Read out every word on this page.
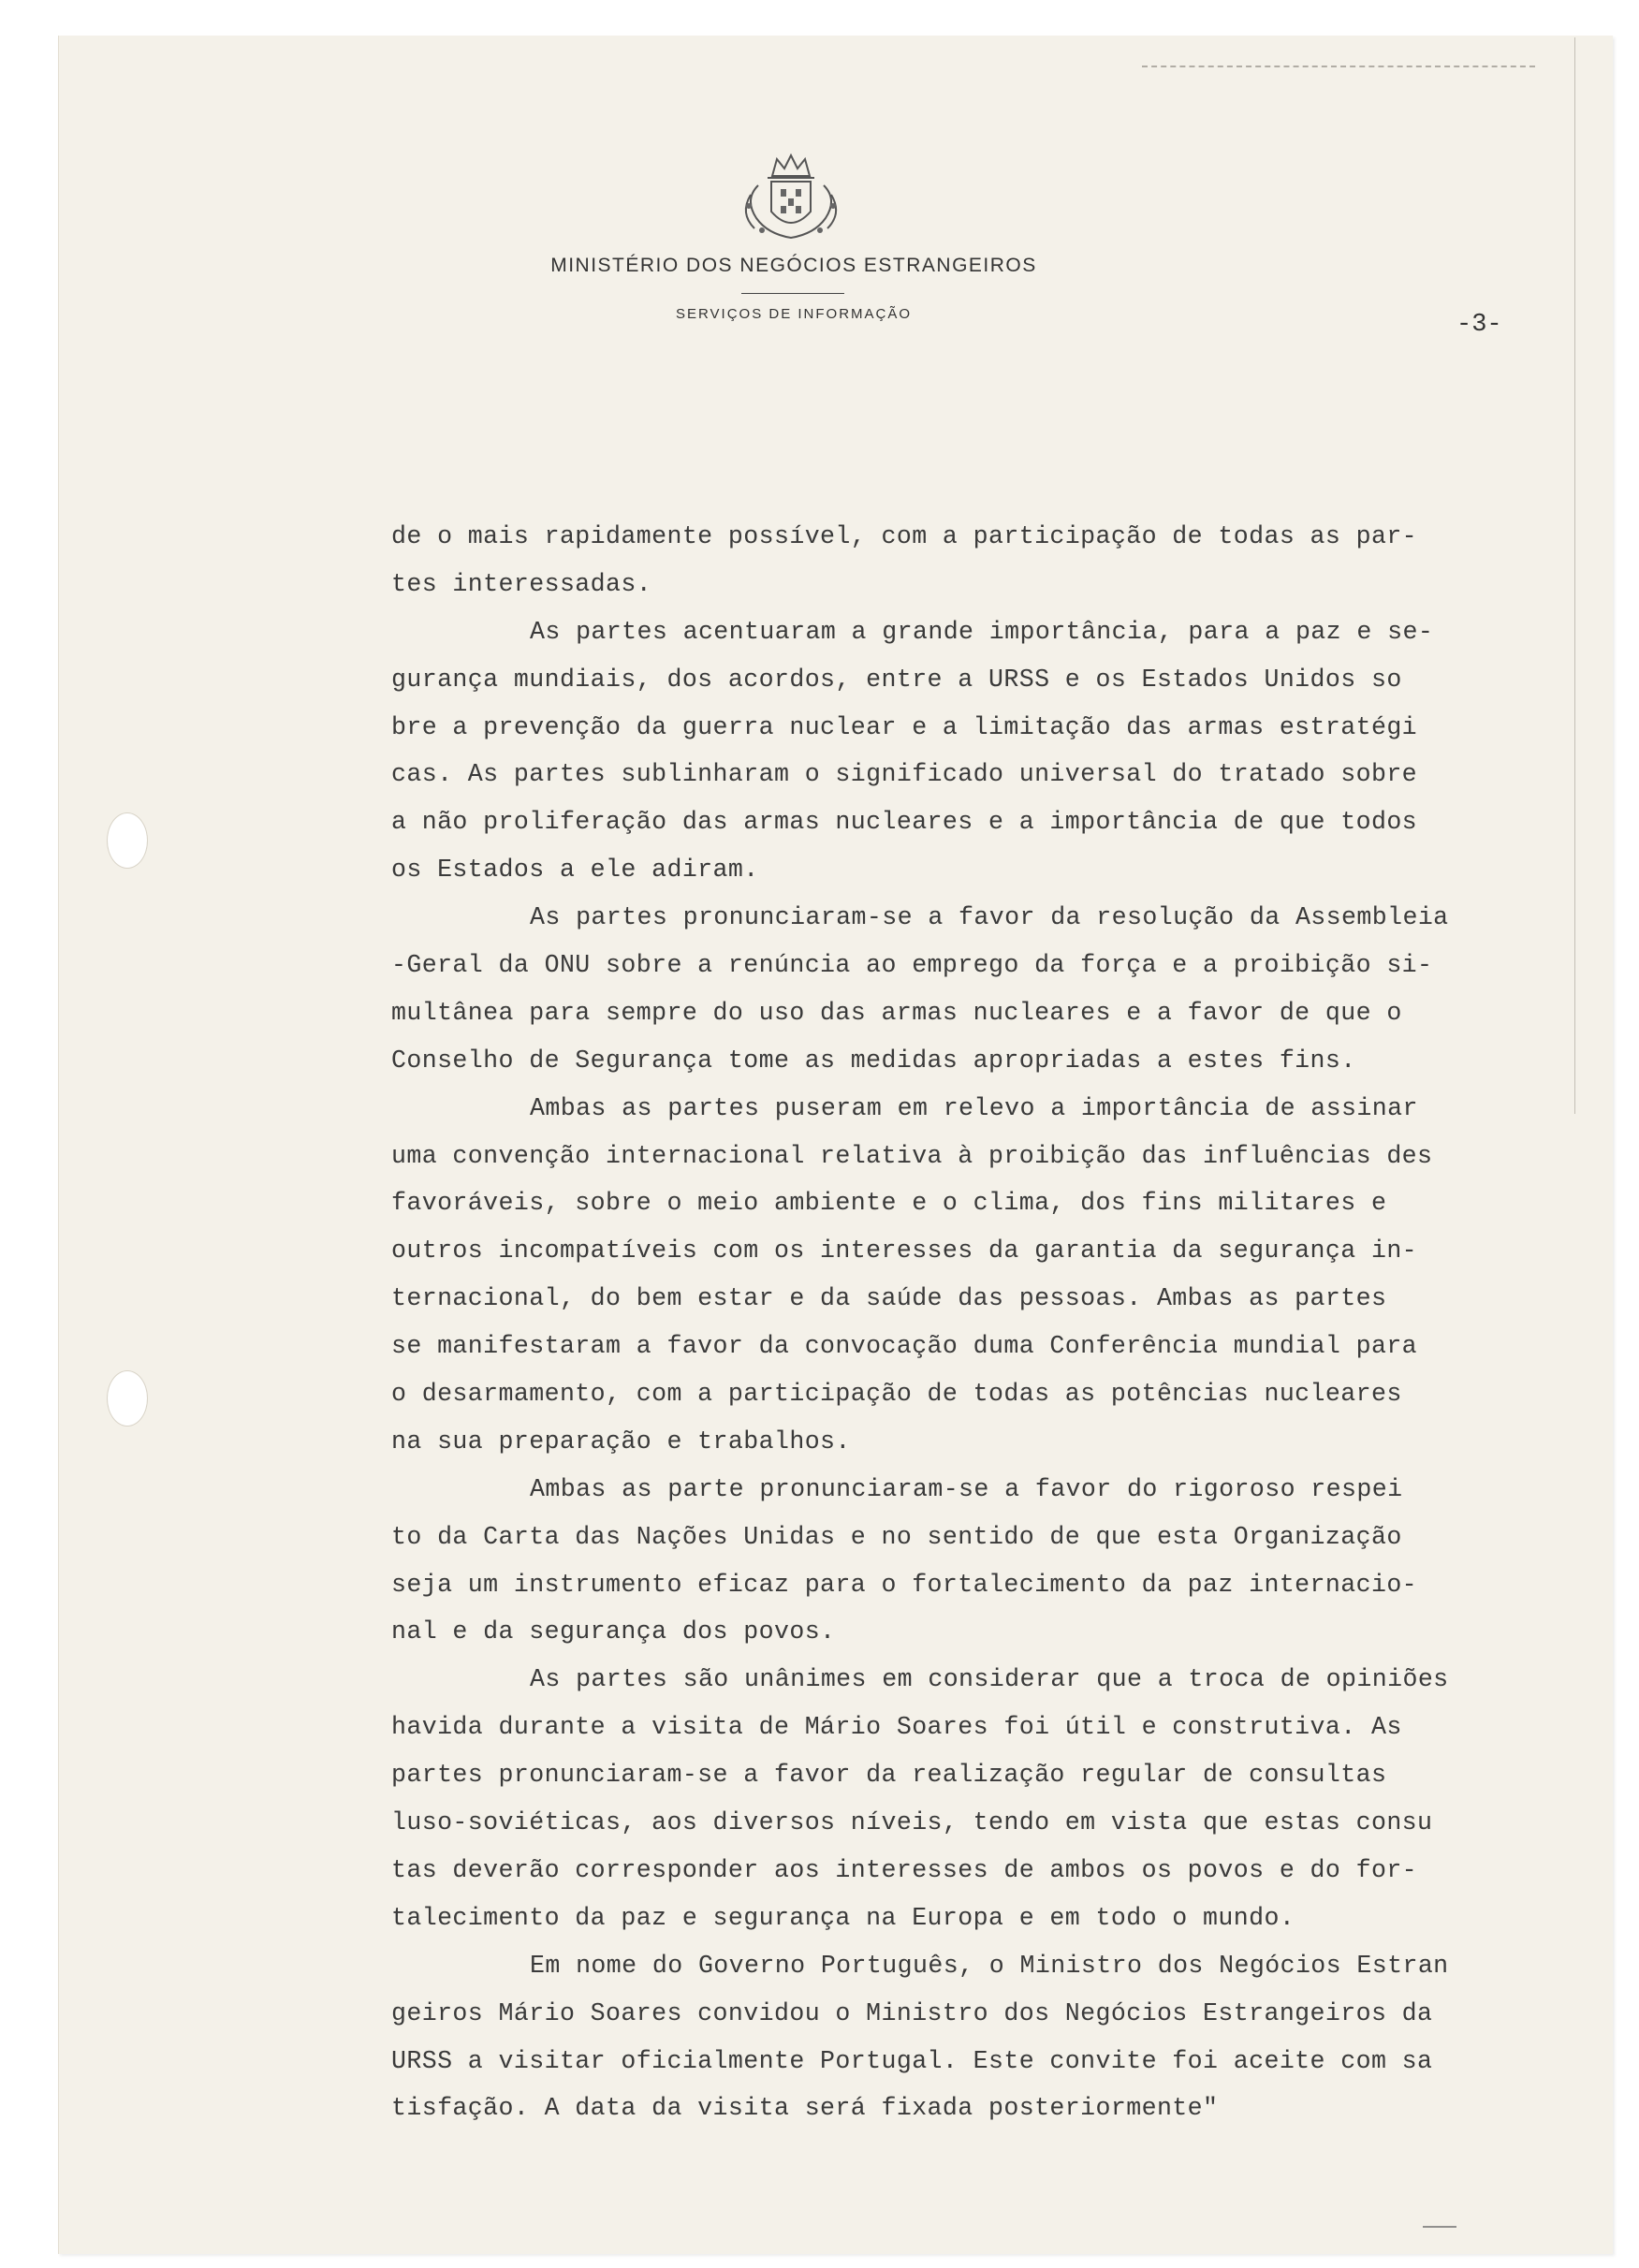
MINISTÉRIO DOS NEGÓCIOS ESTRANGEIROS
SERVIÇOS DE INFORMAÇÃO	-3-
de o mais rapidamente possível, com a participação de todas as par-
tes interessadas.
As partes acentuaram a grande importância, para a paz e se-
gurança mundiais, dos acordos, entre a URSS e os Estados Unidos so
bre a prevenção da guerra nuclear e a limitação das armas estratégi
cas. As partes sublinharam o significado universal do tratado sobre
a não proliferação das armas nucleares e a importância de que todos
os Estados a ele adiram.
As partes pronunciaram-se a favor da resolução da Assembleia
-Geral da ONU sobre a renúncia ao emprego da força e a proibição si-
multânea para sempre do uso das armas nucleares e a favor de que o
Conselho de Segurança tome as medidas apropriadas a estes fins.
Ambas as partes puseram em relevo a importância de assinar
uma convenção internacional relativa à proibição das influências des
favoráveis, sobre o meio ambiente e o clima, dos fins militares e
outros incompatíveis com os interesses da garantia da segurança in-
ternacional, do bem estar e da saúde das pessoas. Ambas as partes
se manifestaram a favor da convocação duma Conferência mundial para
o desarmamento, com a participação de todas as potências nucleares
na sua preparação e trabalhos.
Ambas as parte pronunciaram-se a favor do rigoroso respei
to da Carta das Nações Unidas e no sentido de que esta Organização
seja um instrumento eficaz para o fortalecimento da paz internacio-
nal e da segurança dos povos.
As partes são unânimes em considerar que a troca de opiniões
havida durante a visita de Mário Soares foi útil e construtiva. As
partes pronunciaram-se a favor da realização regular de consultas
luso-soviéticas, aos diversos níveis, tendo em vista que estas consu
tas deverão corresponder aos interesses de ambos os povos e do for-
talecimento da paz e segurança na Europa e em todo o mundo.
Em nome do Governo Português, o Ministro dos Negócios Estran
geiros Mário Soares convidou o Ministro dos Negócios Estrangeiros da
URSS a visitar oficialmente Portugal. Este convite foi aceite com sa
tisfação. A data da visita será fixada posteriormente"
